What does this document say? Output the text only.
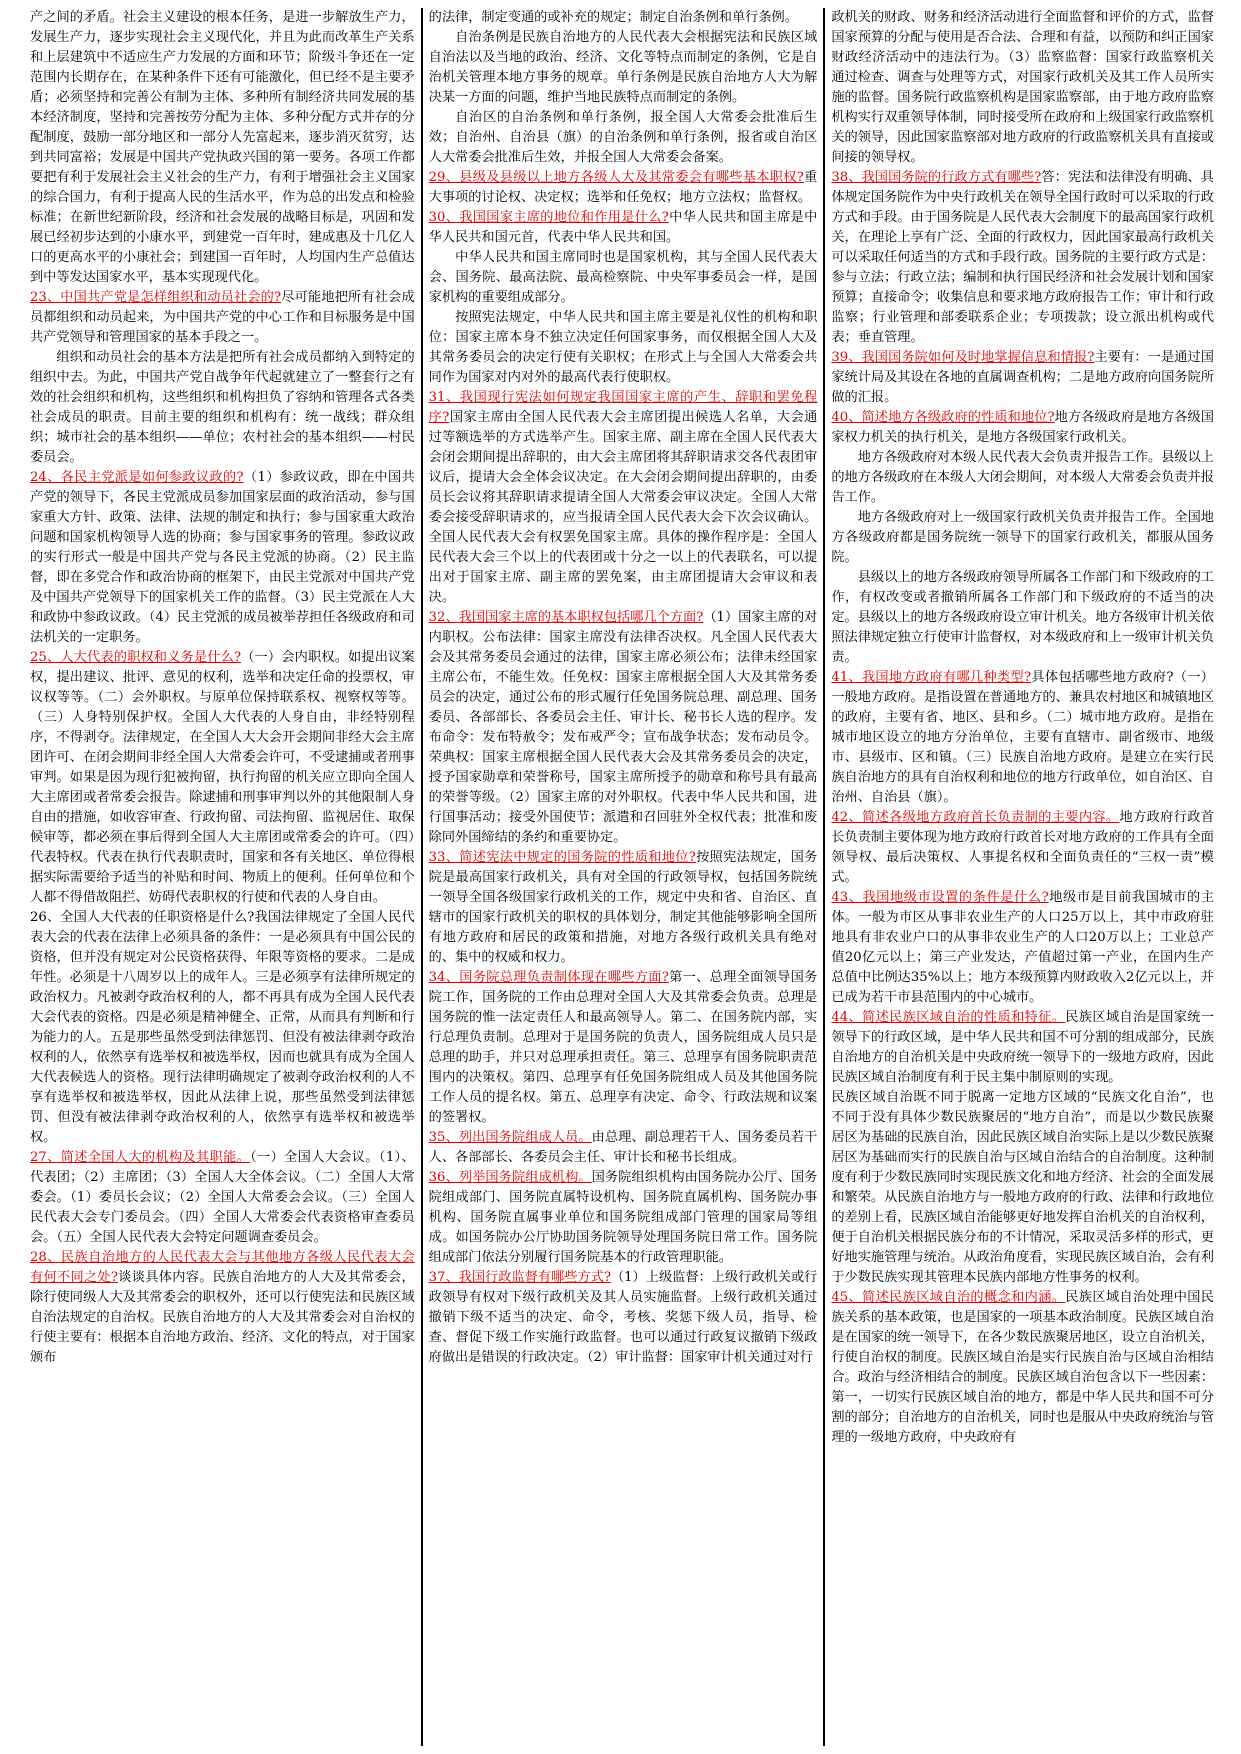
产之间的矛盾。社会主义建设的根本任务，是进一步解放生产力，发展生产力，逐步实现社会主义现代化，并且为此而改革生产关系和上层建筑中不适应生产力发展的方面和环节；阶级斗争还在一定范围内长期存在，在某种条件下还有可能激化，但已经不是主要矛盾；必须坚持和完善公有制为主体、多种所有制经济共同发展的基本经济制度，坚持和完善按劳分配为主体、多种分配方式并存的分配制度，鼓励一部分地区和一部分人先富起来，逐步消灭贫穷，达到共同富裕；发展是中国共产党执政兴国的第一要务。各项工作都要把有利于发展社会主义社会的生产力，有利于增强社会主义国家的综合国力，有利于提高人民的生活水平，作为总的出发点和检验标准；在新世纪新阶段，经济和社会发展的战略目标是，巩固和发展已经初步达到的小康水平，到建党一百年时，建成惠及十几亿人口的更高水平的小康社会；到建国一百年时，人均国内生产总值达到中等发达国家水平，基本实现现代化。

23、中国共产党是怎样组织和动员社会的?尽可能地把所有社会成员都组织和动员起来，为中国共产党的中心工作和目标服务是中国共产党领导和管理国家的基本手段之一。

组织和动员社会的基本方法是把所有社会成员都纳入到特定的组织中去。为此，中国共产党自战争年代起就建立了一整套行之有效的社会组织和机构，这些组织和机构担负了容纳和管理各式各类社会成员的职责。目前主要的组织和机构有：统一战线；群众组织；城市社会的基本组织——单位；农村社会的基本组织——村民委员会。

24、各民主党派是如何参政议政的?（1）参政议政，即在中国共产党的领导下，各民主党派成员参加国家层面的政治活动，参与国家重大方针、政策、法律、法规的制定和执行；参与国家重大政治问题和国家机构领导人选的协商；参与国家事务的管理。参政议政的实行形式一般是中国共产党与各民主党派的协商。（2）民主监督，即在多党合作和政治协商的框架下，由民主党派对中国共产党及中国共产党领导下的国家机关工作的监督。（3）民主党派在人大和政协中参政议政。（4）民主党派的成员被举荐担任各级政府和司法机关的一定职务。

25、人大代表的职权和义务是什么?（一）会内职权。如提出议案权，提出建议、批评、意见的权利，选举和决定任命的投票权，审议权等等。（二）会外职权。与原单位保持联系权、视察权等等。（三）人身特别保护权。全国人大代表的人身自由，非经特别程序，不得剥夺。法律规定，在全国人大大会开会期间非经大会主席团许可、在闭会期间非经全国人大常委会许可，不受逮捕或者刑事审判。如果是因为现行犯被拘留，执行拘留的机关应立即向全国人大主席团或者常委会报告。除逮捕和刑事审判以外的其他限制人身自由的措施，如收容审查、行政拘留、司法拘留、监视居住、取保候审等，都必须在事后得到全国人大主席团或常委会的许可。（四）代表特权。代表在执行代表职责时，国家和各有关地区、单位得根据实际需要给予适当的补贴和时间、物质上的便利。任何单位和个人都不得借故阻拦、妨碍代表职权的行使和代表的人身自由。

26、全国人大代表的任职资格是什么?我国法律规定了全国人民代表大会的代表在法律上必须具备的条件：一是必须具有中国公民的资格，但并没有规定对公民资格获得、年限等资格的要求。二是成年性。必须是十八周岁以上的成年人。三是必须享有法律所规定的政治权力。凡被剥夺政治权利的人，都不再具有成为全国人民代表大会代表的资格。四是必须是精神健全、正常，从而具有判断和行为能力的人。五是那些虽然受到法律惩罚、但没有被法律剥夺政治权利的人，依然享有选举权和被选举权，因而也就具有成为全国人大代表候选人的资格。现行法律明确规定了被剥夺政治权利的人不享有选举权和被选举权，因此从法律上说，那些虽然受到法律惩罚、但没有被法律剥夺政治权利的人，依然享有选举权和被选举权。

27、简述全国人大的机构及其职能。（一）全国人大会议。（1）、代表团；（2）主席团；（3）全国人大全体会议。（二）全国人大常委会。（1）委员长会议；（2）全国人大常委会会议。（三）全国人民代表大会专门委员会。（四）全国人大常委会代表资格审查委员会。（五）全国人民代表大会特定问题调查委员会。

28、民族自治地方的人民代表大会与其他地方各级人民代表大会有何不同之处?谈谈具体内容。民族自治地方的人大及其常委会，除行使同级人大及其常委会的职权外，还可以行使宪法和民族区域自治法规定的自治权。民族自治地方的人大及其常委会对自治权的行使主要有：根据本自治地方政治、经济、文化的特点，对于国家颁布

的法律，制定变通的或补充的规定；制定自治条例和单行条例。

自治条例是民族自治地方的人民代表大会根据宪法和民族区域自治法以及当地的政治、经济、文化等特点而制定的条例，它是自治机关管理本地方事务的规章。单行条例是民族自治地方人大为解决某一方面的问题，维护当地民族特点而制定的条例。

自治区的自治条例和单行条例，报全国人大常委会批准后生效；自治州、自治县（旗）的自治条例和单行条例，报省或自治区人大常委会批准后生效，并报全国人大常委会备案。

29、县级及县级以上地方各级人大及其常委会有哪些基本职权?重大事项的讨论权、决定权；选举和任免权；地方立法权；监督权。

30、我国国家主席的地位和作用是什么?中华人民共和国主席是中华人民共和国元首，代表中华人民共和国。

中华人民共和国主席同时也是国家机构，其与全国人民代表大会、国务院、最高法院、最高检察院、中央军事委员会一样，是国家机构的重要组成部分。

按照宪法规定，中华人民共和国主席主要是礼仪性的机构和职位：国家主席本身不独立决定任何国家事务，而仅根据全国人大及其常务委员会的决定行使有关职权；在形式上与全国人大常委会共同作为国家对内对外的最高代表行使职权。

31、我国现行宪法如何规定我国国家主席的产生、辞职和罢免程序?国家主席由全国人民代表大会主席团提出候选人名单，大会通过等额选举的方式选举产生。国家主席、副主席在全国人民代表大会闭会期间提出辞职的，由大会主席团将其辞职请求交各代表团审议后，提请大会全体会议决定。在大会闭会期间提出辞职的，由委员长会议将其辞职请求提请全国人大常委会审议决定。全国人大常委会接受辞职请求的，应当报请全国人民代表大会下次会议确认。全国人民代表大会有权罢免国家主席。具体的操作程序是：全国人民代表大会三个以上的代表团或十分之一以上的代表联名，可以提出对于国家主席、副主席的罢免案，由主席团提请大会审议和表决。

32、我国国家主席的基本职权包括哪几个方面?（1）国家主席的对内职权。公布法律：国家主席没有法律否决权。凡全国人民代表大会及其常务委员会通过的法律，国家主席必须公布；法律未经国家主席公布，不能生效。任免权：国家主席根据全国人大及其常务委员会的决定，通过公布的形式履行任免国务院总理、副总理、国务委员、各部部长、各委员会主任、审计长、秘书长人选的程序。发布命令：发布特赦令；发布戒严令；宣布战争状态；发布动员令。荣典权：国家主席根据全国人民代表大会及其常务委员会的决定，授予国家勋章和荣誉称号，国家主席所授予的勋章和称号具有最高的荣誉等级。（2）国家主席的对外职权。代表中华人民共和国，进行国事活动；接受外国使节；派遣和召回驻外全权代表；批准和废除同外国缔结的条约和重要协定。

33、简述宪法中规定的国务院的性质和地位?按照宪法规定，国务院是最高国家行政机关，具有对全国的行政领导权，包括国务院统一领导全国各级国家行政机关的工作，规定中央和省、自治区、直辖市的国家行政机关的职权的具体划分，制定其他能够影响全国所有地方政府和居民的政策和措施，对地方各级行政机关具有绝对的、集中的权威和权力。

34、国务院总理负责制体现在哪些方面?第一、总理全面领导国务院工作，国务院的工作由总理对全国人大及其常委会负责。总理是国务院的惟一法定责任人和最高领导人。第二、在国务院内部，实行总理负责制。总理对于是国务院的负责人，国务院组成人员只是总理的助手，并只对总理承担责任。第三、总理享有国务院职责范围内的决策权。第四、总理享有任免国务院组成人员及其他国务院工作人员的提名权。第五、总理享有决定、命令、行政法规和议案的签署权。

35、列出国务院组成人员。由总理、副总理若干人、国务委员若干人、各部部长、各委员会主任、审计长和秘书长组成。

36、列举国务院组成机构。国务院组织机构由国务院办公厅、国务院组成部门、国务院直属特设机构、国务院直属机构、国务院办事机构、国务院直属事业单位和国务院组成部门管理的国家局等组成。如国务院办公厅协助国务院领导处理国务院日常工作。国务院组成部门依法分别履行国务院基本的行政管理职能。

37、我国行政监督有哪些方式?（1）上级监督：上级行政机关或行政领导有权对下级行政机关及其人员实施监督。上级行政机关通过撤销下级不适当的决定、命令，考核、奖惩下级人员，指导、检查、督促下级工作实施行政监督。也可以通过行政复议撤销下级政府做出是错误的行政决定。（2）审计监督：国家审计机关通过对行

政机关的财政、财务和经济活动进行全面监督和评价的方式，监督国家预算的分配与使用是否合法、合理和有益，以预防和纠正国家财政经济活动中的违法行为。（3）监察监督：国家行政监察机关通过检查、调查与处理等方式，对国家行政机关及其工作人员所实施的监督。国务院行政监察机构是国家监察部，由于地方政府监察机构实行双重领导体制，同时接受所在政府和上级国家行政监察机关的领导，因此国家监察部对地方政府的行政监察机关具有直接或间接的领导权。

38、我国国务院的行政方式有哪些?答：宪法和法律没有明确、具体规定国务院作为中央行政机关在领导全国行政时可以采取的行政方式和手段。由于国务院是人民代表大会制度下的最高国家行政机关，在理论上享有广泛、全面的行政权力，因此国家最高行政机关可以采取任何适当的方式和手段行政。国务院的主要行政方式是：参与立法；行政立法；编制和执行国民经济和社会发展计划和国家预算；直接命令；收集信息和要求地方政府报告工作；审计和行政监察；行业管理和部委联系企业；专项拨款；设立派出机构或代表；垂直管理。

39、我国国务院如何及时地掌握信息和情报?主要有：一是通过国家统计局及其设在各地的直属调查机构；二是地方政府向国务院所做的汇报。

40、简述地方各级政府的性质和地位?地方各级政府是地方各级国家权力机关的执行机关，是地方各级国家行政机关。

地方各级政府对本级人民代表大会负责并报告工作。县级以上的地方各级政府在本级人大闭会期间，对本级人大常委会负责并报告工作。

地方各级政府对上一级国家行政机关负责并报告工作。全国地方各级政府都是国务院统一领导下的国家行政机关，都服从国务院。

县级以上的地方各级政府领导所属各工作部门和下级政府的工作，有权改变或者撤销所属各工作部门和下级政府的不适当的决定。县级以上的地方各级政府设立审计机关。地方各级审计机关依照法律规定独立行使审计监督权，对本级政府和上一级审计机关负责。

41、我国地方政府有哪几种类型?具体包括哪些地方政府?（一）一般地方政府。是指设置在普通地方的、兼具农村地区和城镇地区的政府，主要有省、地区、县和乡。（二）城市地方政府。是指在城市地区设立的地方分治单位，主要有直辖市、副省级市、地级市、县级市、区和镇。（三）民族自治地方政府。是建立在实行民族自治地方的具有自治权利和地位的地方行政单位，如自治区、自治州、自治县（旗）。

42、简述各级地方政府首长负责制的主要内容。地方政府行政首长负责制主要体现为地方政府行政首长对地方政府的工作具有全面领导权、最后决策权、人事提名权和全面负责任的“三权一责”模式。

43、我国地级市设置的条件是什么?地级市是目前我国城市的主体。一般为市区从事非农业生产的人口25万以上，其中市政府驻地具有非农业户口的从事非农业生产的人口20万以上；工业总产值20亿元以上；第三产业发达，产值超过第一产业，在国内生产总值中比例达35%以上；地方本级预算内财政收入2亿元以上，并已成为若干市县范围内的中心城市。

44、简述民族区域自治的性质和特征。民族区域自治是国家统一领导下的行政区域，是中华人民共和国不可分割的组成部分，民族自治地方的自治机关是中央政府统一领导下的一级地方政府，因此民族区域自治制度有利于民主集中制原则的实现。

民族区域自治既不同于脱离一定地方区域的“民族文化自治”，也不同于没有具体少数民族聚居的“地方自治”，而是以少数民族聚居区为基础的民族自治，因此民族区域自治实际上是以少数民族聚居区为基础而实行的民族自治与区域自治结合的自治制度。这种制度有利于少数民族同时实现民族文化和地方经济、社会的全面发展和繁荣。从民族自治地方与一般地方政府的行政、法律和行政地位的差别上看，民族区域自治能够更好地发挥自治机关的自治权利，便于自治机关根据民族分布的不计情况，采取灵活多样的形式，更好地实施管理与统治。从政治角度看，实现民族区域自治，会有利于少数民族实现其管理本民族内部地方性事务的权利。

45、简述民族区域自治的概念和内涵。民族区域自治处理中国民族关系的基本政策，也是国家的一项基本政治制度。民族区域自治是在国家的统一领导下，在各少数民族聚居地区，设立自治机关，行使自治权的制度。民族区域自治是实行民族自治与区域自治相结合。政治与经济相结合的制度。民族区域自治包含以下一些因素：第一，一切实行民族区域自治的地方，都是中华人民共和国不可分割的部分；自治地方的自治机关，同时也是服从中央政府统治与管理的一级地方政府，中央政府有
